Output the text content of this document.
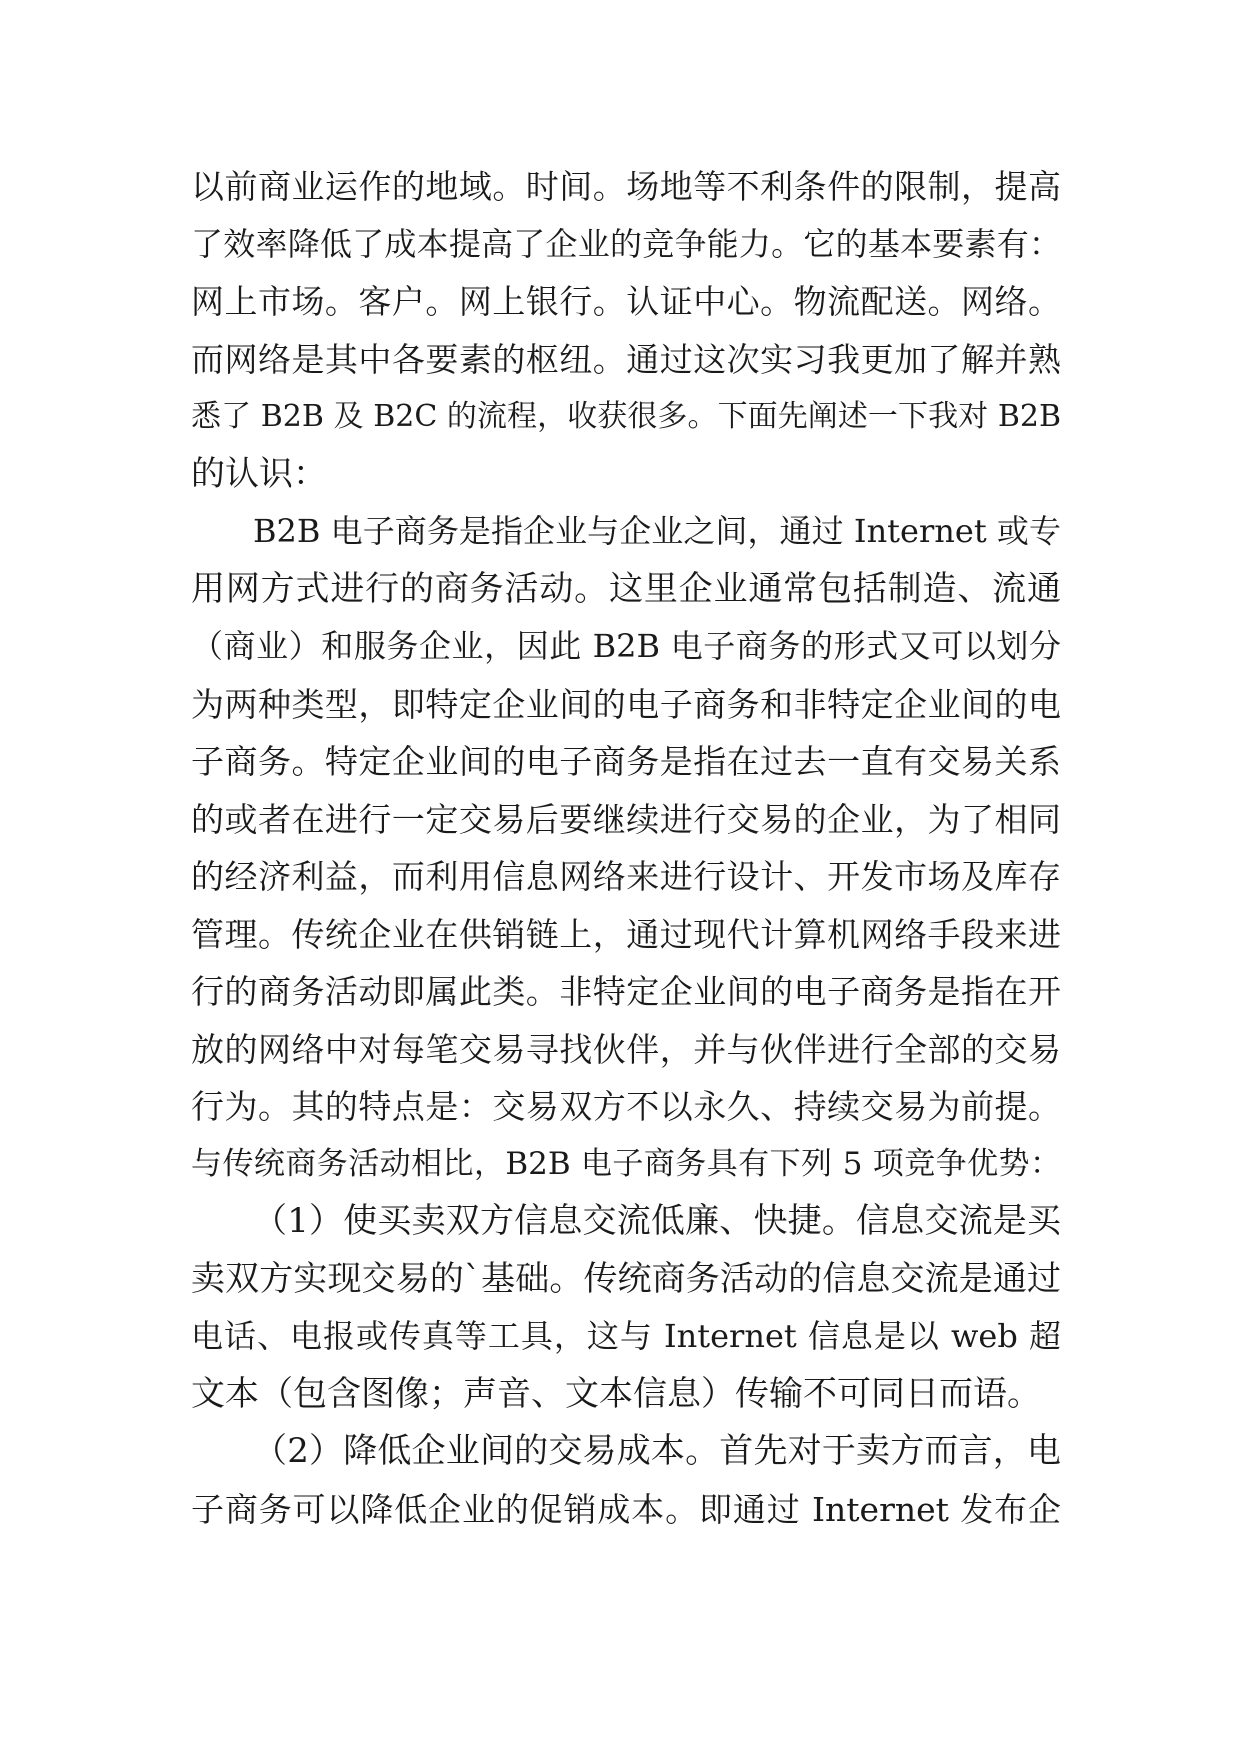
以前商业运作的地域。时间。场地等不利条件的限制，提高
了效率降低了成本提高了企业的竞争能力。它的基本要素有：
网上市场。客户。网上银行。认证中心。物流配送。网络。
而网络是其中各要素的枢纽。通过这次实习我更加了解并熟
悉了 B2B 及 B2C 的流程，收获很多。下面先阐述一下我对 B2B
的认识：
B2B 电子商务是指企业与企业之间，通过 Internet 或专
用网方式进行的商务活动。这里企业通常包括制造、流通
（商业）和服务企业，因此 B2B 电子商务的形式又可以划分
为两种类型，即特定企业间的电子商务和非特定企业间的电
子商务。特定企业间的电子商务是指在过去一直有交易关系
的或者在进行一定交易后要继续进行交易的企业，为了相同
的经济利益，而利用信息网络来进行设计、开发市场及库存
管理。传统企业在供销链上，通过现代计算机网络手段来进
行的商务活动即属此类。非特定企业间的电子商务是指在开
放的网络中对每笔交易寻找伙伴，并与伙伴进行全部的交易
行为。其的特点是：交易双方不以永久、持续交易为前提。
与传统商务活动相比，B2B 电子商务具有下列 5 项竞争优势：
（1）使买卖双方信息交流低廉、快捷。信息交流是买
卖双方实现交易的`基础。传统商务活动的信息交流是通过
电话、电报或传真等工具，这与 Internet 信息是以 web 超
文本（包含图像；声音、文本信息）传输不可同日而语。
（2）降低企业间的交易成本。首先对于卖方而言，电
子商务可以降低企业的促销成本。即通过 Internet 发布企
